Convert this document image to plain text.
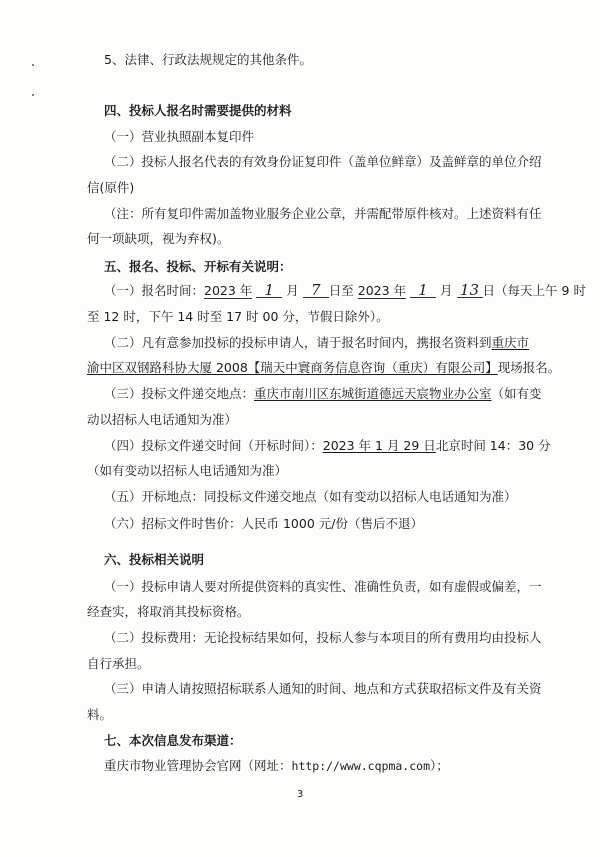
5、法律、行政法规规定的其他条件。
四、投标人报名时需要提供的材料
（一）营业执照副本复印件
（二）投标人报名代表的有效身份证复印件（盖单位鲜章）及盖鲜章的单位介绍
信(原件)
（注：所有复印件需加盖物业服务企业公章，并需配带原件核对。上述资料有任
何一项缺项，视为弃权)。
五、报名、投标、开标有关说明：
（一）报名时间：2023 年 1 月 7 日至 2023 年 1 月 13 日（每天上午 9 时
至 12 时，下午 14 时至 17 时 00 分，节假日除外）。
（二）凡有意参加投标的投标申请人，请于报名时间内，携报名资料到重庆市
渝中区双钢路科协大厦 2008【瑞天中寰商务信息咨询（重庆）有限公司】现场报名。
（三）投标文件递交地点：重庆市南川区东城街道德远天宸物业办公室（如有变
动以招标人电话通知为准）
（四）投标文件递交时间（开标时间）：2023 年 1 月 29 日北京时间 14：30 分
（如有变动以招标人电话通知为准）
（五）开标地点：同投标文件递交地点（如有变动以招标人电话通知为准）
（六）招标文件时售价：人民币 1000 元/份（售后不退）
六、投标相关说明
（一）投标申请人要对所提供资料的真实性、准确性负责，如有虚假或偏差，一
经查实，将取消其投标资格。
（二）投标费用：无论投标结果如何，投标人参与本项目的所有费用均由投标人
自行承担。
（三）申请人请按照招标联系人通知的时间、地点和方式获取招标文件及有关资
料。
七、本次信息发布渠道：
重庆市物业管理协会官网（网址：http://www.cqpma.com）；
3
